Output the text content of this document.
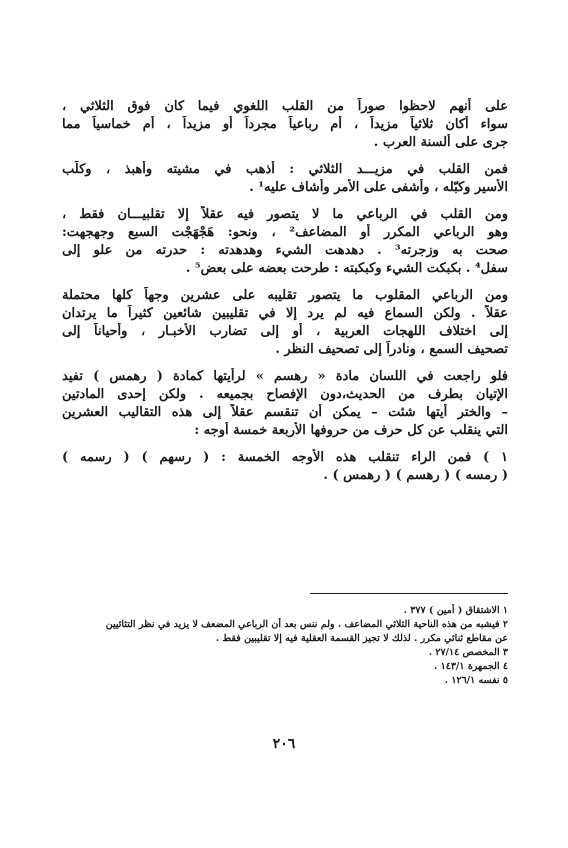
على أنهم لاحظوا صوراً من القلب اللغوي فيما كان فوق الثلاثي ،
سواء أكان ثلاثياً مزيداً ، أم رباعياً مجرداً أو مزيداً ، أم خماسياً مما
جرى على ألسنة العرب .
فمن القلب في مزيـــد الثلاثي : أذهب في مشيته وأهبذ ، وكلّب
الأسير وكبّله ، وأشفى على الأمر وأشاف عليه¹ .
ومن القلب في الرباعي ما لا يتصور فيه عقلاً إلا تقلبيـــان فقط ،
وهو الرباعي المكرر أو المضاعف² ، ونحو: هَجْهَجْت السبع وجهجهت:
صحت به وزجرته³ . دهدهت الشيء وهدهدته : حدرته من علو إلى
سفل⁴ . بكبكت الشيء وكبكبته : طرحت بعضه على بعض⁵ .
ومن الرباعي المقلوب ما يتصور تقليبه على عشرين وجهاً كلها محتملة
عقلاً . ولكن السماع فيه لم يرد إلا في تقليبين شائعين كثيراً ما يرتدان
إلى اختلاف اللهجات العربية ، أو إلى تضارب الأخبـار ، وأحياناً إلى
تصحيف السمع ، ونادراً إلى تصحيف النظر .
فلو راجعت في اللسان مادة « رهسم » لرأيتها كمادة ( رهمس ) تفيد
الإتيان بطرف من الحديث،دون الإفصاح بجميعه . ولكن إحدى المادتين
– والختر أيتها شئت – يمكن أن تنقسم عقلاً إلى هذه التقاليب العشرين
التي ينقلب عن كل حرف من حروفها الأربعة خمسة أوجه :
١ ) فمن الراء تنقلب هذه الأوجه الخمسة : ( رسهم ) ( رسمه )
( رمسه ) ( رهسم ) ( رهمس ) .
١ الاشتقاق ( أمين ) ٣٧٧ .
٢ فيشبه من هذه الناحية الثلاثي المضاعف . ولم ننس بعد أن الرباعي المضعف لا يزيد في نظر التثائيين
عن مقاطع ثنائي مكرر . لذلك لا تجيز القسمة العقلية فيه إلا تقليبين فقط .
٣ المخصص ٢٧/١٤ .
٤ الجمهرة ١٤٣/١ .
٥ نفسه ١٢٦/١ .
٢٠٦
